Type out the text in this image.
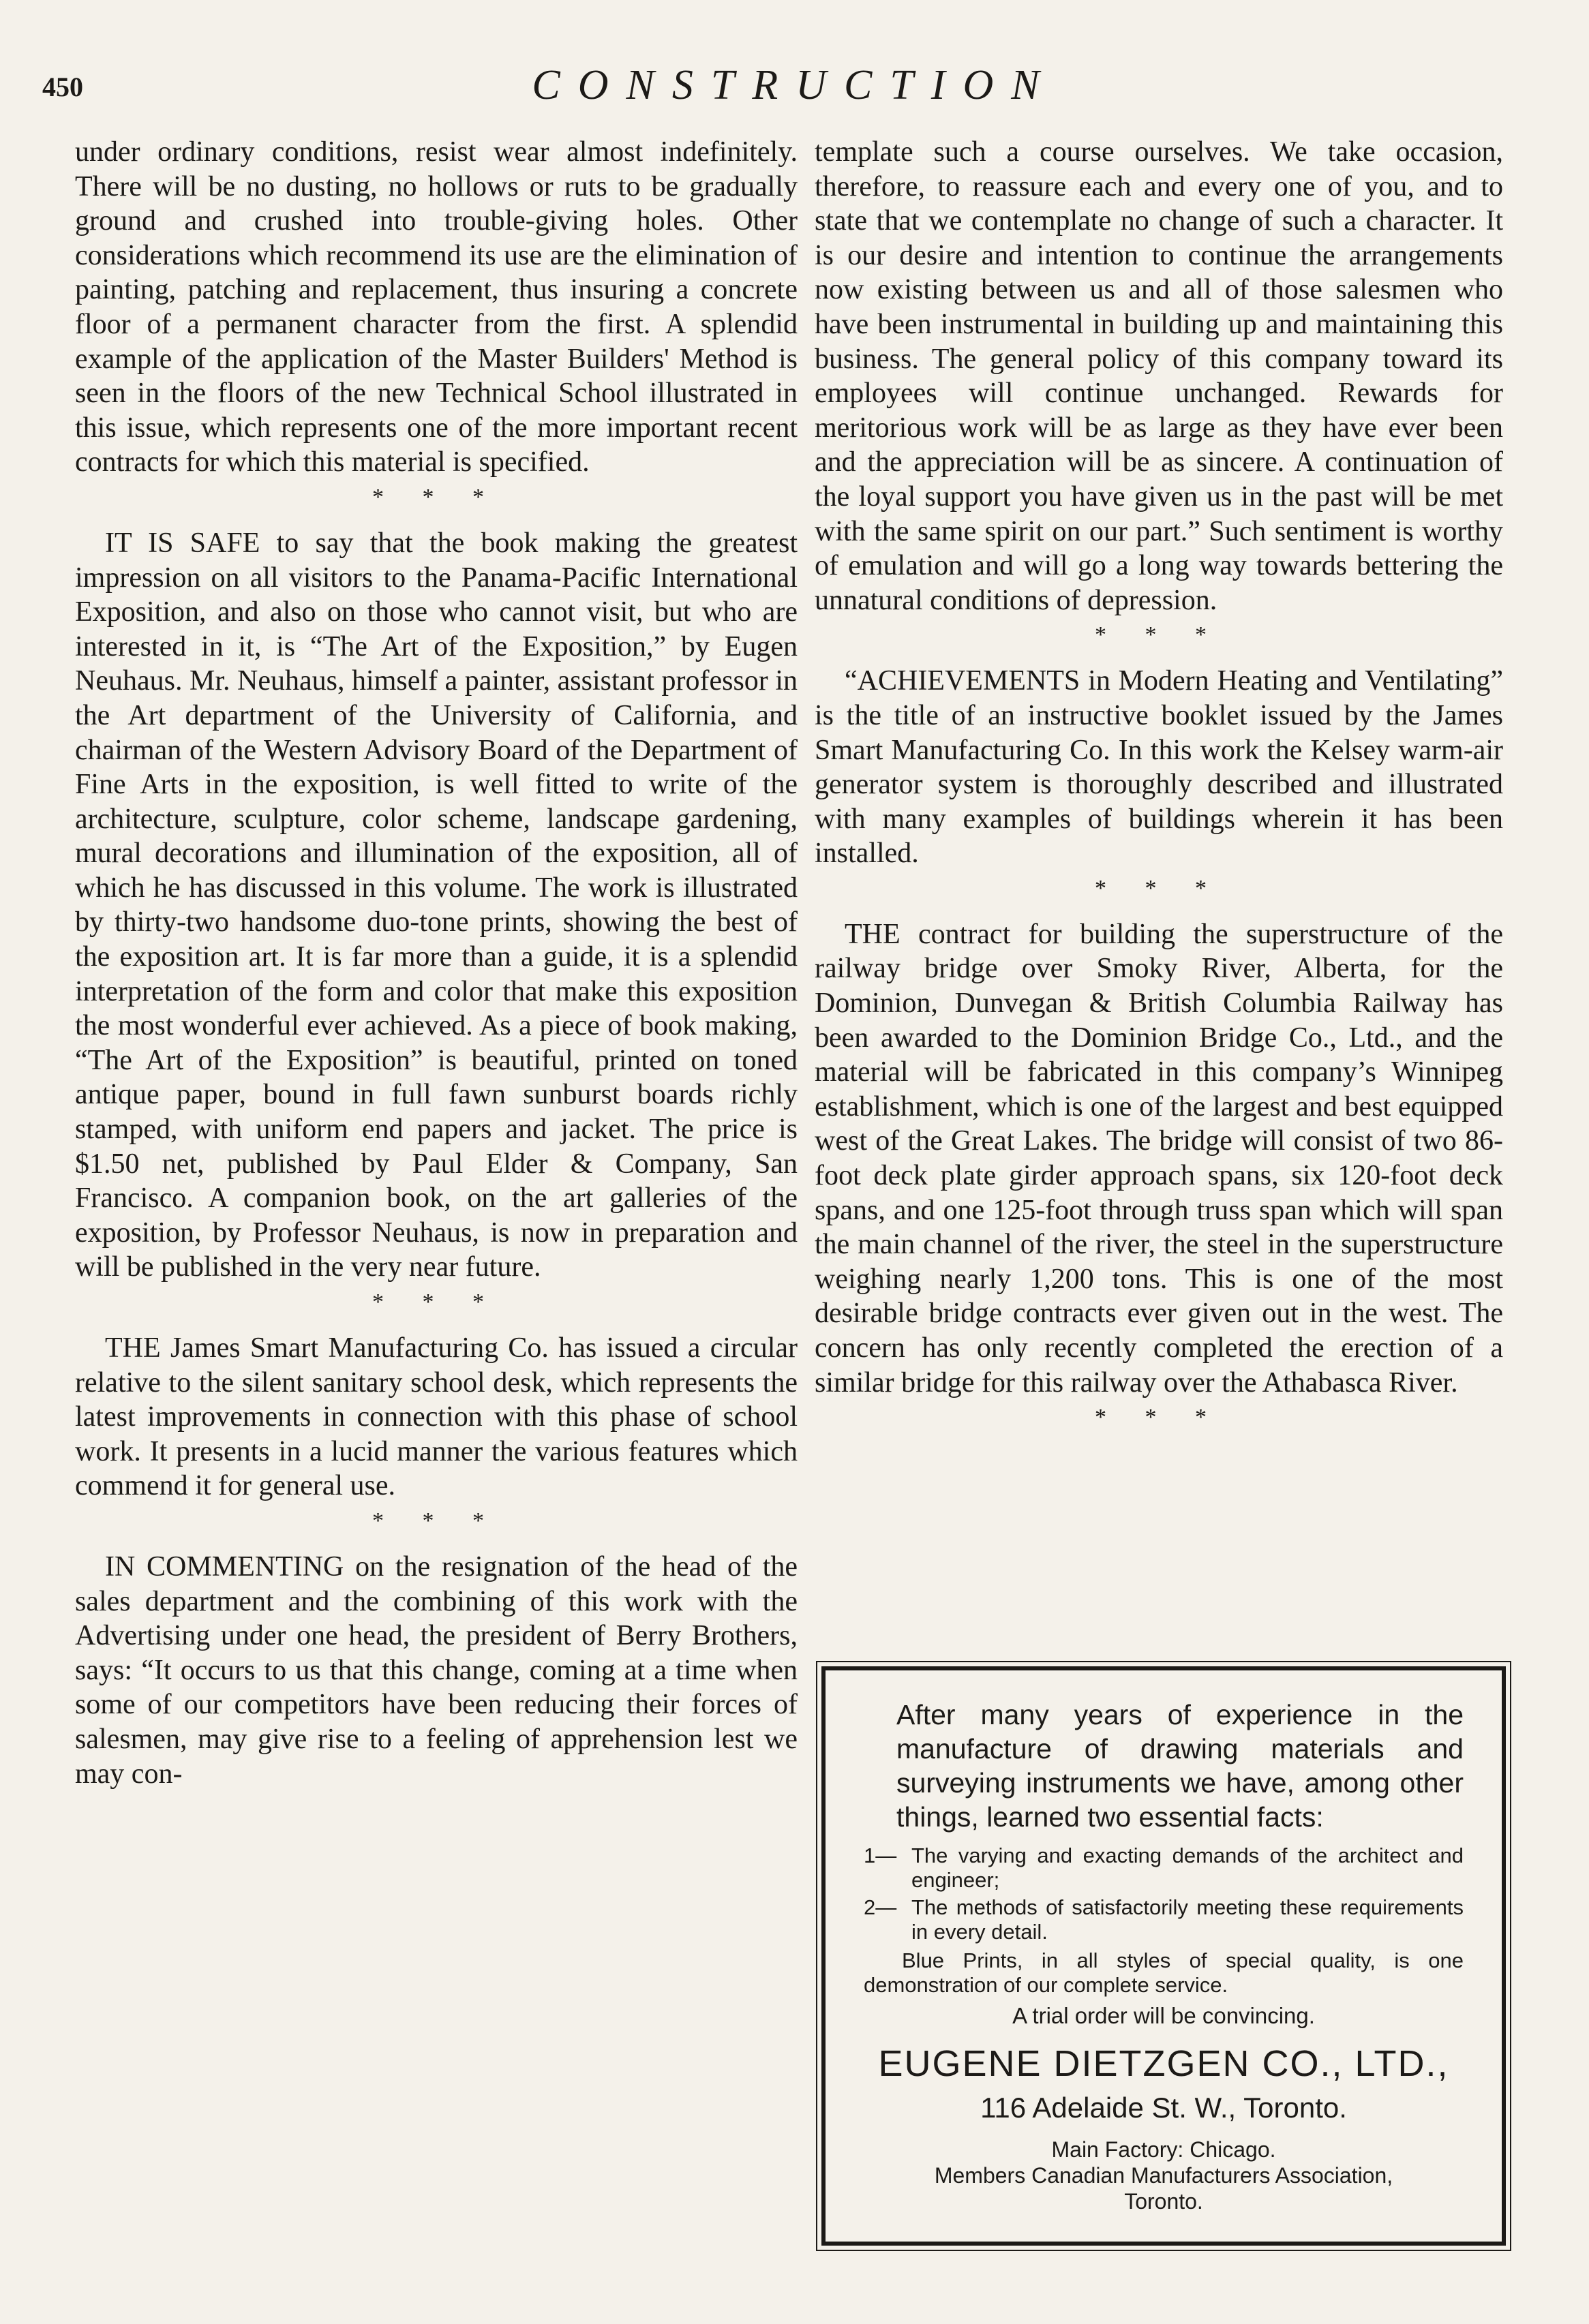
450	CONSTRUCTION

under ordinary conditions, resist wear almost indefinitely. There will be no dusting, no hollows or ruts to be gradually ground and crushed into trouble-giving holes. Other considerations which recommend its use are the elimination of painting, patching and replacement, thus insuring a concrete floor of a permanent character from the first. A splendid example of the application of the Master Builders' Method is seen in the floors of the new Technical School illustrated in this issue, which represents one of the more important recent contracts for which this material is specified.

* * *

IT IS SAFE to say that the book making the greatest impression on all visitors to the Panama-Pacific International Exposition, and also on those who cannot visit, but who are interested in it, is “The Art of the Exposition,” by Eugen Neuhaus. Mr. Neuhaus, himself a painter, assistant professor in the Art department of the University of California, and chairman of the Western Advisory Board of the Department of Fine Arts in the exposition, is well fitted to write of the architecture, sculpture, color scheme, landscape gardening, mural decorations and illumination of the exposition, all of which he has discussed in this volume. The work is illustrated by thirty-two handsome duo-tone prints, showing the best of the exposition art. It is far more than a guide, it is a splendid interpretation of the form and color that make this exposition the most wonderful ever achieved. As a piece of book making, “The Art of the Exposition” is beautiful, printed on toned antique paper, bound in full fawn sunburst boards richly stamped, with uniform end papers and jacket. The price is $1.50 net, published by Paul Elder & Company, San Francisco. A companion book, on the art galleries of the exposition, by Professor Neuhaus, is now in preparation and will be published in the very near future.

* * *

THE James Smart Manufacturing Co. has issued a circular relative to the silent sanitary school desk, which represents the latest improvements in connection with this phase of school work. It presents in a lucid manner the various features which commend it for general use.

* * *

IN COMMENTING on the resignation of the head of the sales department and the combining of this work with the Advertising under one head, the president of Berry Brothers, says: “It occurs to us that this change, coming at a time when some of our competitors have been reducing their forces of salesmen, may give rise to a feeling of apprehension lest we may con-

template such a course ourselves. We take occasion, therefore, to reassure each and every one of you, and to state that we contemplate no change of such a character. It is our desire and intention to continue the arrangements now existing between us and all of those salesmen who have been instrumental in building up and maintaining this business. The general policy of this company toward its employees will continue unchanged. Rewards for meritorious work will be as large as they have ever been and the appreciation will be as sincere. A continuation of the loyal support you have given us in the past will be met with the same spirit on our part.” Such sentiment is worthy of emulation and will go a long way towards bettering the unnatural conditions of depression.

* * *

“ACHIEVEMENTS in Modern Heating and Ventilating” is the title of an instructive booklet issued by the James Smart Manufacturing Co. In this work the Kelsey warm-air generator system is thoroughly described and illustrated with many examples of buildings wherein it has been installed.

* * *

THE contract for building the superstructure of the railway bridge over Smoky River, Alberta, for the Dominion, Dunvegan & British Columbia Railway has been awarded to the Dominion Bridge Co., Ltd., and the material will be fabricated in this company’s Winnipeg establishment, which is one of the largest and best equipped west of the Great Lakes. The bridge will consist of two 86-foot deck plate girder approach spans, six 120-foot deck spans, and one 125-foot through truss span which will span the main channel of the river, the steel in the superstructure weighing nearly 1,200 tons. This is one of the most desirable bridge contracts ever given out in the west. The concern has only recently completed the erection of a similar bridge for this railway over the Athabasca River.

* * *
After many years of experience in the manufacture of drawing materials and surveying instruments we have, among other things, learned two essential facts:
1— The varying and exacting demands of the architect and engineer;
2— The methods of satisfactorily meeting these requirements in every detail.
Blue Prints, in all styles of special quality, is one demonstration of our complete service.
A trial order will be convincing.
EUGENE DIETZGEN CO., LTD.,
116 Adelaide St. W., Toronto.
Main Factory: Chicago.
Members Canadian Manufacturers Association,
Toronto.
